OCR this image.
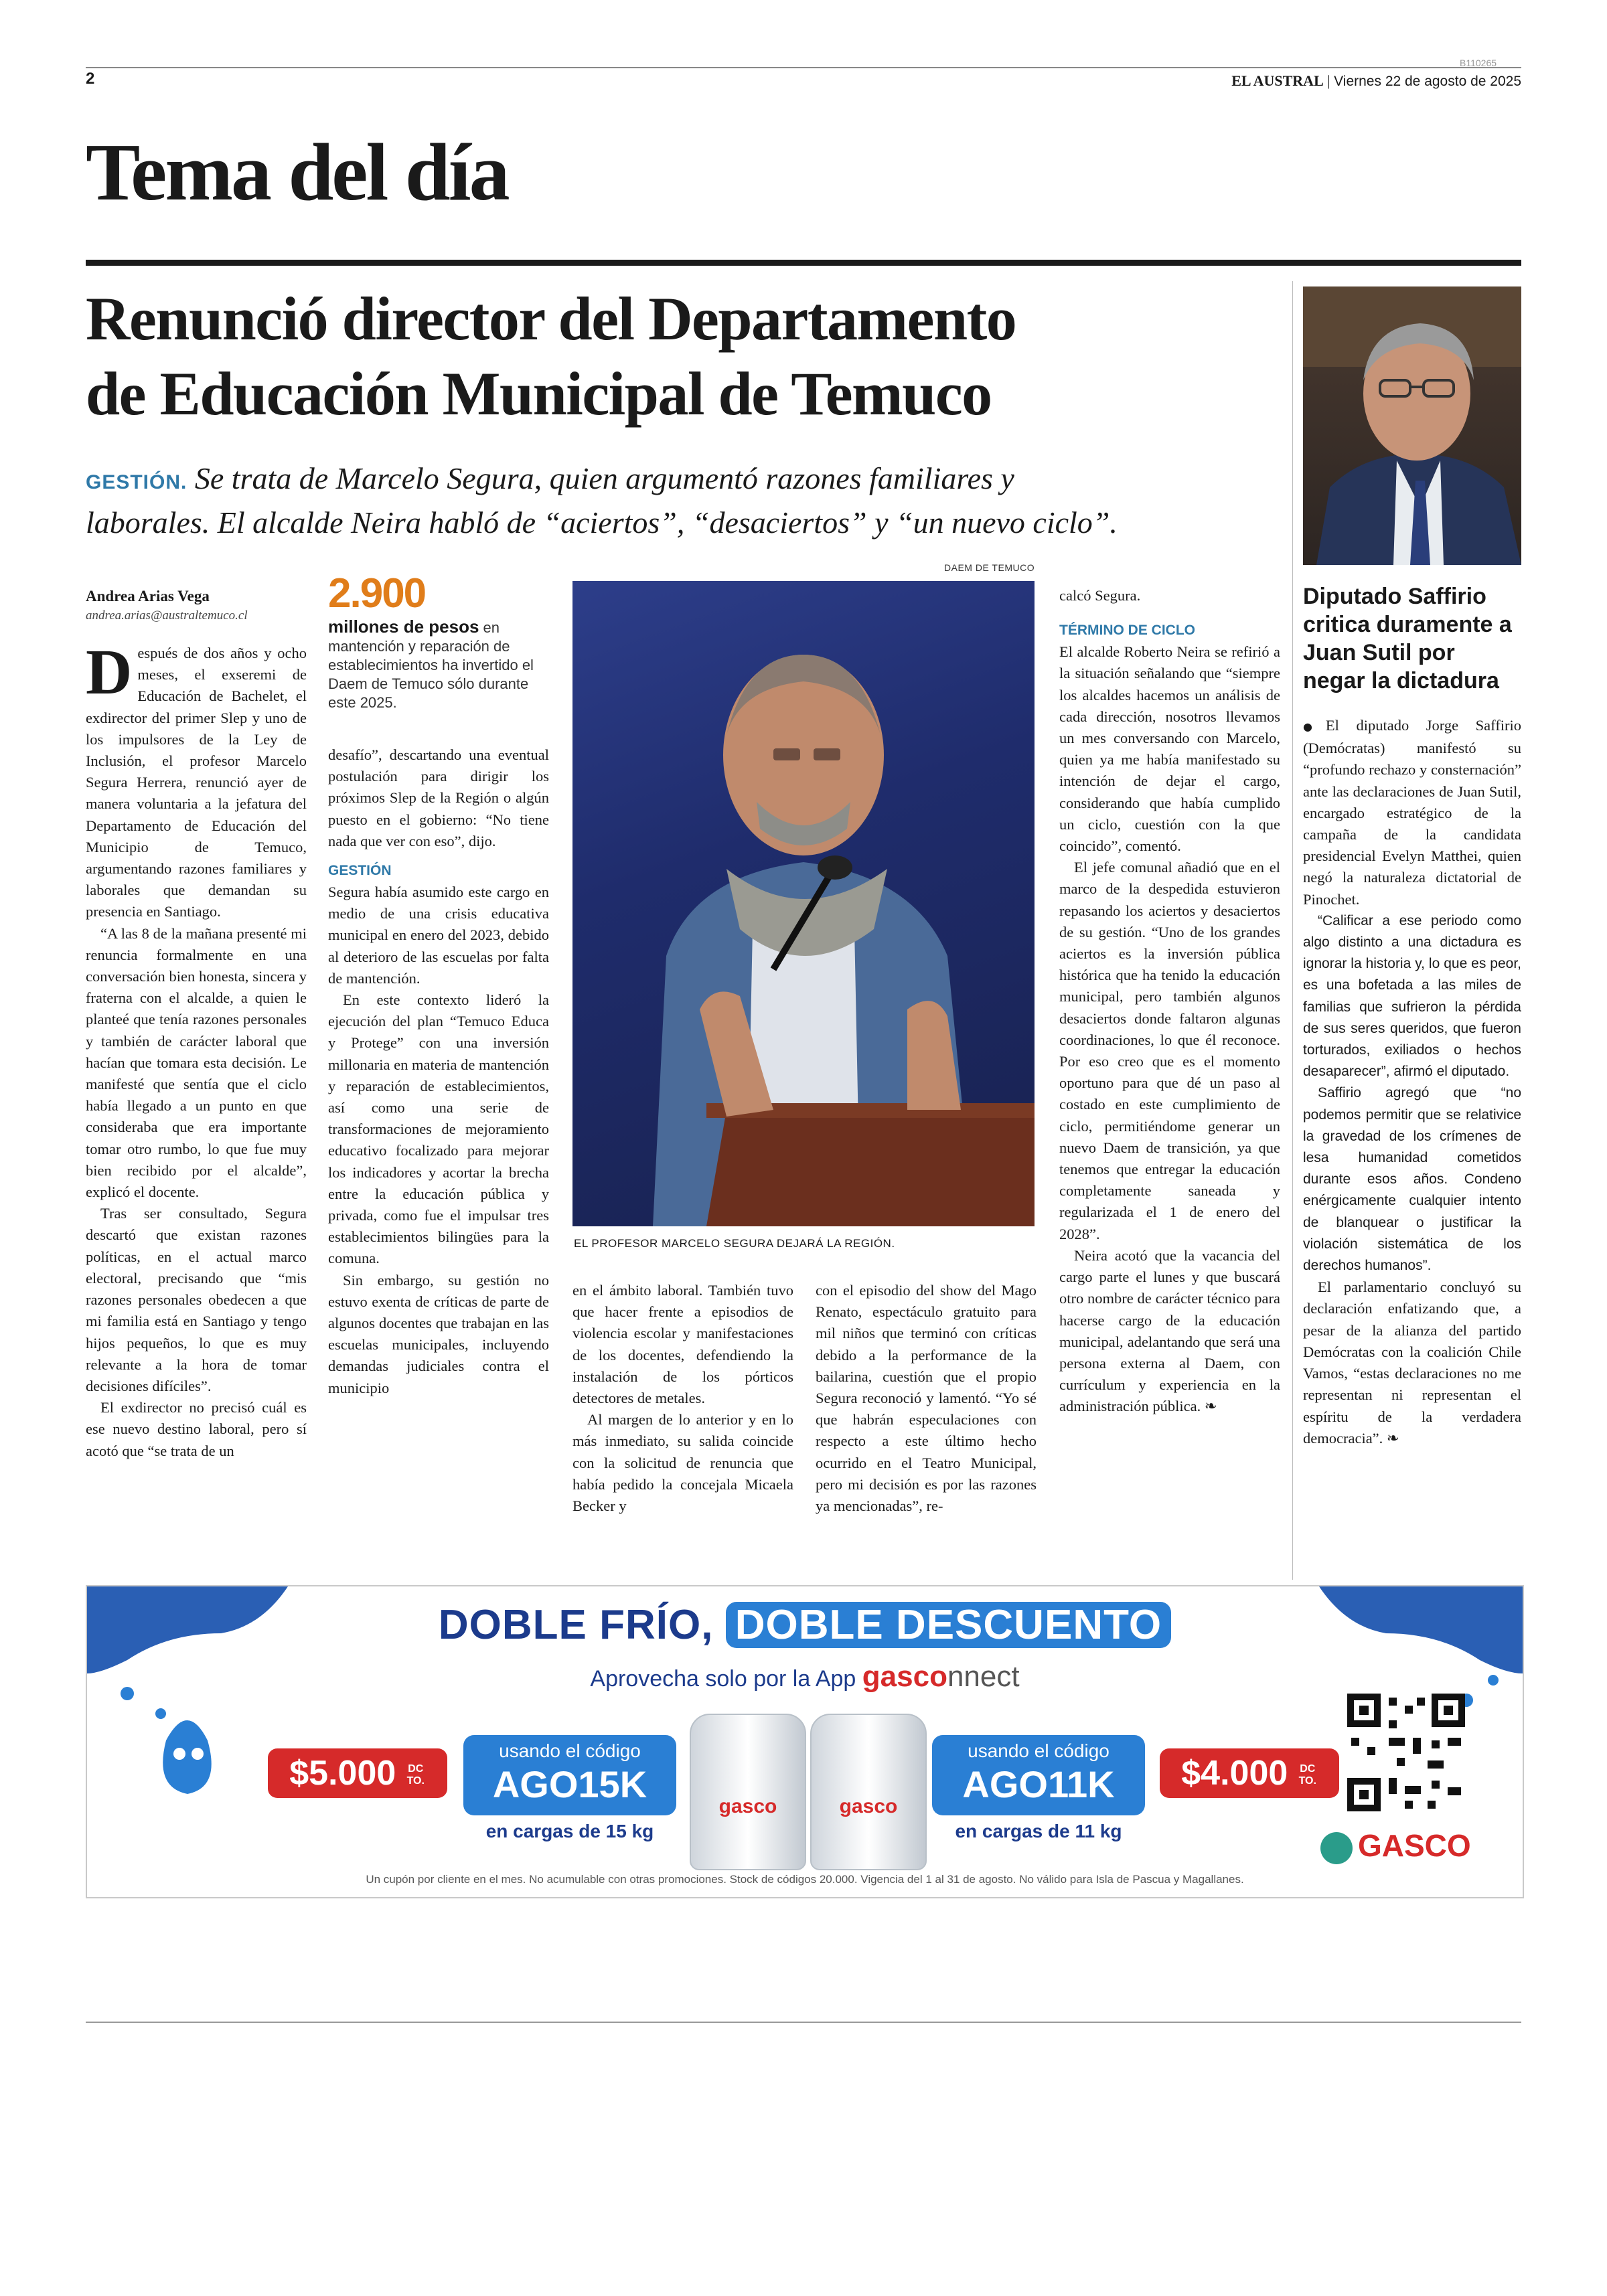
2
B110265
EL AUSTRAL | Viernes 22 de agosto de 2025
Tema del día
Renunció director del Departamento
de Educación Municipal de Temuco
GESTIÓN. Se trata de Marcelo Segura, quien argumentó razones familiares y
laborales. El alcalde Neira habló de “aciertos”, “desaciertos” y “un nuevo ciclo”.
Andrea Arias Vega
andrea.arias@australtemuco.cl

Después de dos años y ocho meses, el exseremi de Educación de Bachelet, el exdirector del primer Slep y uno de los impulsores de la Ley de Inclusión, el profesor Marcelo Segura Herrera, renunció ayer de manera voluntaria a la jefatura del Departamento de Educación del Municipio de Temuco, argumentando razones familiares y laborales que demandan su presencia en Santiago.

“A las 8 de la mañana presenté mi renuncia formalmente en una conversación bien honesta, sincera y fraterna con el alcalde, a quien le planteé que tenía razones personales y también de carácter laboral que hacían que tomara esta decisión. Le manifesté que sentía que el ciclo había llegado a un punto en que consideraba que era importante tomar otro rumbo, lo que fue muy bien recibido por el alcalde”, explicó el docente.

Tras ser consultado, Segura descartó que existan razones políticas, en el actual marco electoral, precisando que “mis razones personales obedecen a que mi familia está en Santiago y tengo hijos pequeños, lo que es muy relevante a la hora de tomar decisiones difíciles”.

El exdirector no precisó cuál es ese nuevo destino laboral, pero sí acotó que “se trata de un

2.900
millones de pesos en mantención y reparación de establecimientos ha invertido el Daem de Temuco sólo durante este 2025.

desafío”, descartando una eventual postulación para dirigir los próximos Slep de la Región o algún puesto en el gobierno: “No tiene nada que ver con eso”, dijo.

GESTIÓN

Segura había asumido este cargo en medio de una crisis educativa municipal en enero del 2023, debido al deterioro de las escuelas por falta de mantención.

En este contexto lideró la ejecución del plan “Temuco Educa y Protege” con una inversión millonaria en materia de mantención y reparación de establecimientos, así como una serie de transformaciones de mejoramiento educativo focalizado para mejorar los indicadores y acortar la brecha entre la educación pública y privada, como fue el impulsar tres establecimientos bilingües para la comuna.

Sin embargo, su gestión no estuvo exenta de críticas de parte de algunos docentes que trabajan en las escuelas municipales, incluyendo demandas judiciales contra el municipio

DAEM DE TEMUCO
EL PROFESOR MARCELO SEGURA DEJARÁ LA REGIÓN.

en el ámbito laboral. También tuvo que hacer frente a episodios de violencia escolar y manifestaciones de los docentes, defendiendo la instalación de los pórticos detectores de metales.

Al margen de lo anterior y en lo más inmediato, su salida coincide con la solicitud de renuncia que había pedido la concejala Micaela Becker y

con el episodio del show del Mago Renato, espectáculo gratuito para mil niños que terminó con críticas debido a la performance de la bailarina, cuestión que el propio Segura reconoció y lamentó. “Yo sé que habrán especulaciones con respecto a este último hecho ocurrido en el Teatro Municipal, pero mi decisión es por las razones ya mencionadas”, re-

calcó Segura.

TÉRMINO DE CICLO

El alcalde Roberto Neira se refirió a la situación señalando que “siempre los alcaldes hacemos un análisis de cada dirección, nosotros llevamos un mes conversando con Marcelo, quien ya me había manifestado su intención de dejar el cargo, considerando que había cumplido un ciclo, cuestión con la que coincido”, comentó.

El jefe comunal añadió que en el marco de la despedida estuvieron repasando los aciertos y desaciertos de su gestión. “Uno de los grandes aciertos es la inversión pública histórica que ha tenido la educación municipal, pero también algunos desaciertos donde faltaron algunas coordinaciones, lo que él reconoce. Por eso creo que es el momento oportuno para que dé un paso al costado en este cumplimiento de ciclo, permitiéndome generar un nuevo Daem de transición, ya que tenemos que entregar la educación completamente saneada y regularizada el 1 de enero del 2028”.

Neira acotó que la vacancia del cargo parte el lunes y que buscará otro nombre de carácter técnico para hacerse cargo de la educación municipal, adelantando que será una persona externa al Daem, con currículum y experiencia en la administración pública. ❧

Diputado Saffirio critica duramente a Juan Sutil por negar la dictadura

●El diputado Jorge Saffirio (Demócratas) manifestó su “profundo rechazo y consternación” ante las declaraciones de Juan Sutil, encargado estratégico de la campaña de la candidata presidencial Evelyn Matthei, quien negó la naturaleza dictatorial de Pinochet.

“Calificar a ese periodo como algo distinto a una dictadura es ignorar la historia y, lo que es peor, es una bofetada a las miles de familias que sufrieron la pérdida de sus seres queridos, que fueron torturados, exiliados o hechos desaparecer”, afirmó el diputado.

Saffirio agregó que “no podemos permitir que se relativice la gravedad de los crímenes de lesa humanidad cometidos durante esos años. Condeno enérgicamente cualquier intento de blanquear o justificar la violación sistemática de los derechos humanos”.

El parlamentario concluyó su declaración enfatizando que, a pesar de la alianza del partido Demócratas con la coalición Chile Vamos, “estas declaraciones no me representan ni representan el espíritu de la verdadera democracia”. ❧

DOBLE FRÍO, DOBLE DESCUENTO
Aprovecha solo por la App gasconnect
$5.000 DC TO.
usando el código
AGO15K
en cargas de 15 kg
gasco	gasco
usando el código
AGO11K
en cargas de 11 kg
$4.000 DC TO.
GASCO
Un cupón por cliente en el mes. No acumulable con otras promociones. Stock de códigos 20.000. Vigencia del 1 al 31 de agosto. No válido para Isla de Pascua y Magallanes.
